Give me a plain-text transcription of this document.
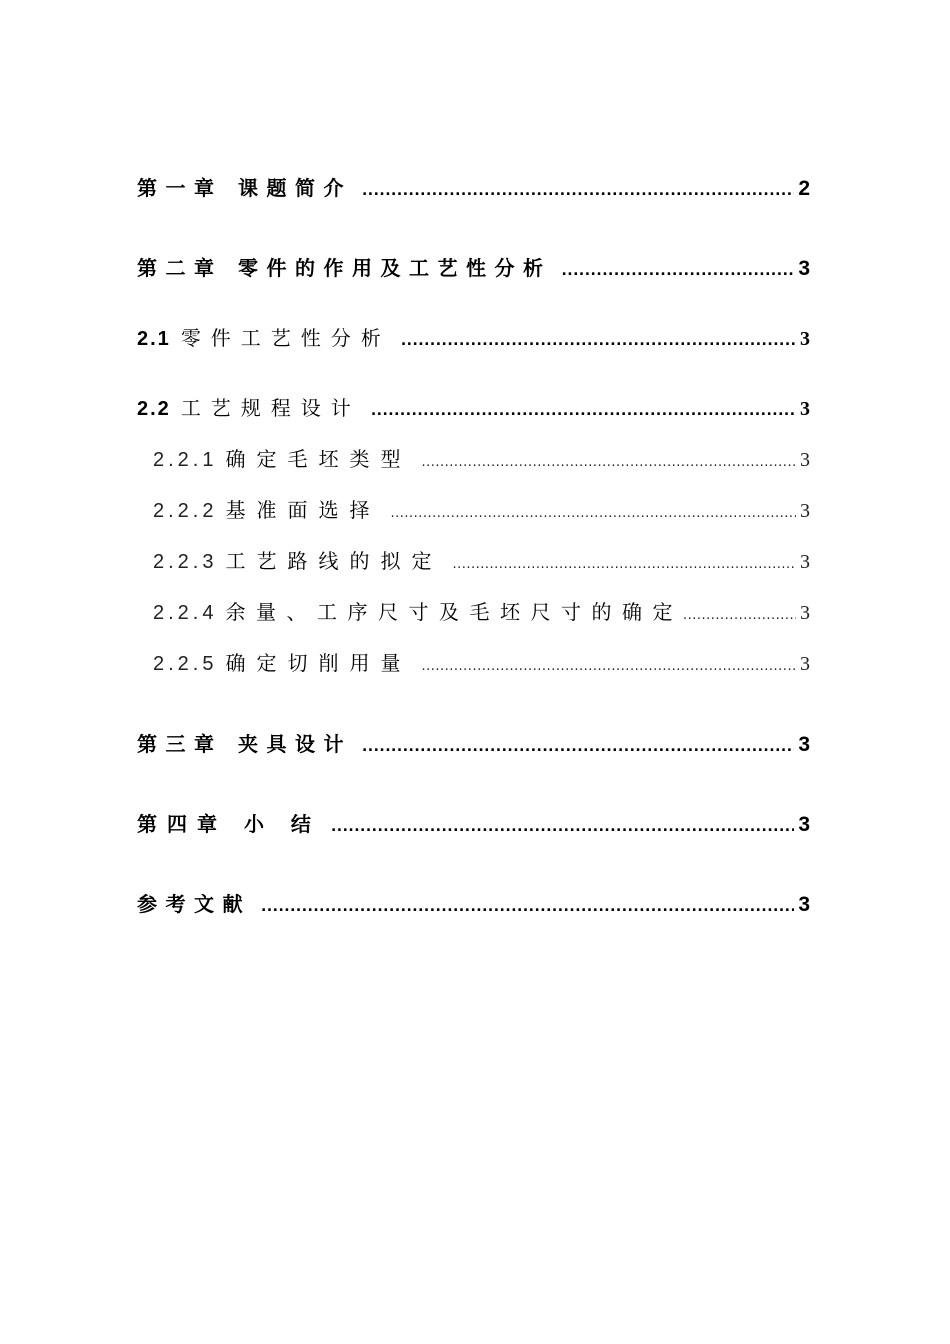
第一章 课题简介 .....	2
第二章 零件的作用及工艺性分析 .....	3
2.1 零件工艺性分析 .....	3
2.2 工艺规程设计 .....	3
2.2.1 确定毛坯类型 .....	3
2.2.2 基准面选择 .....	3
2.2.3 工艺路线的拟定 .....	3
2.2.4 余量、工序尺寸及毛坯尺寸的确定 .....	3
2.2.5 确定切削用量 .....	3
第三章 夹具设计 .....	3
第四章 小 结 .....	3
参考文献 .....	3
